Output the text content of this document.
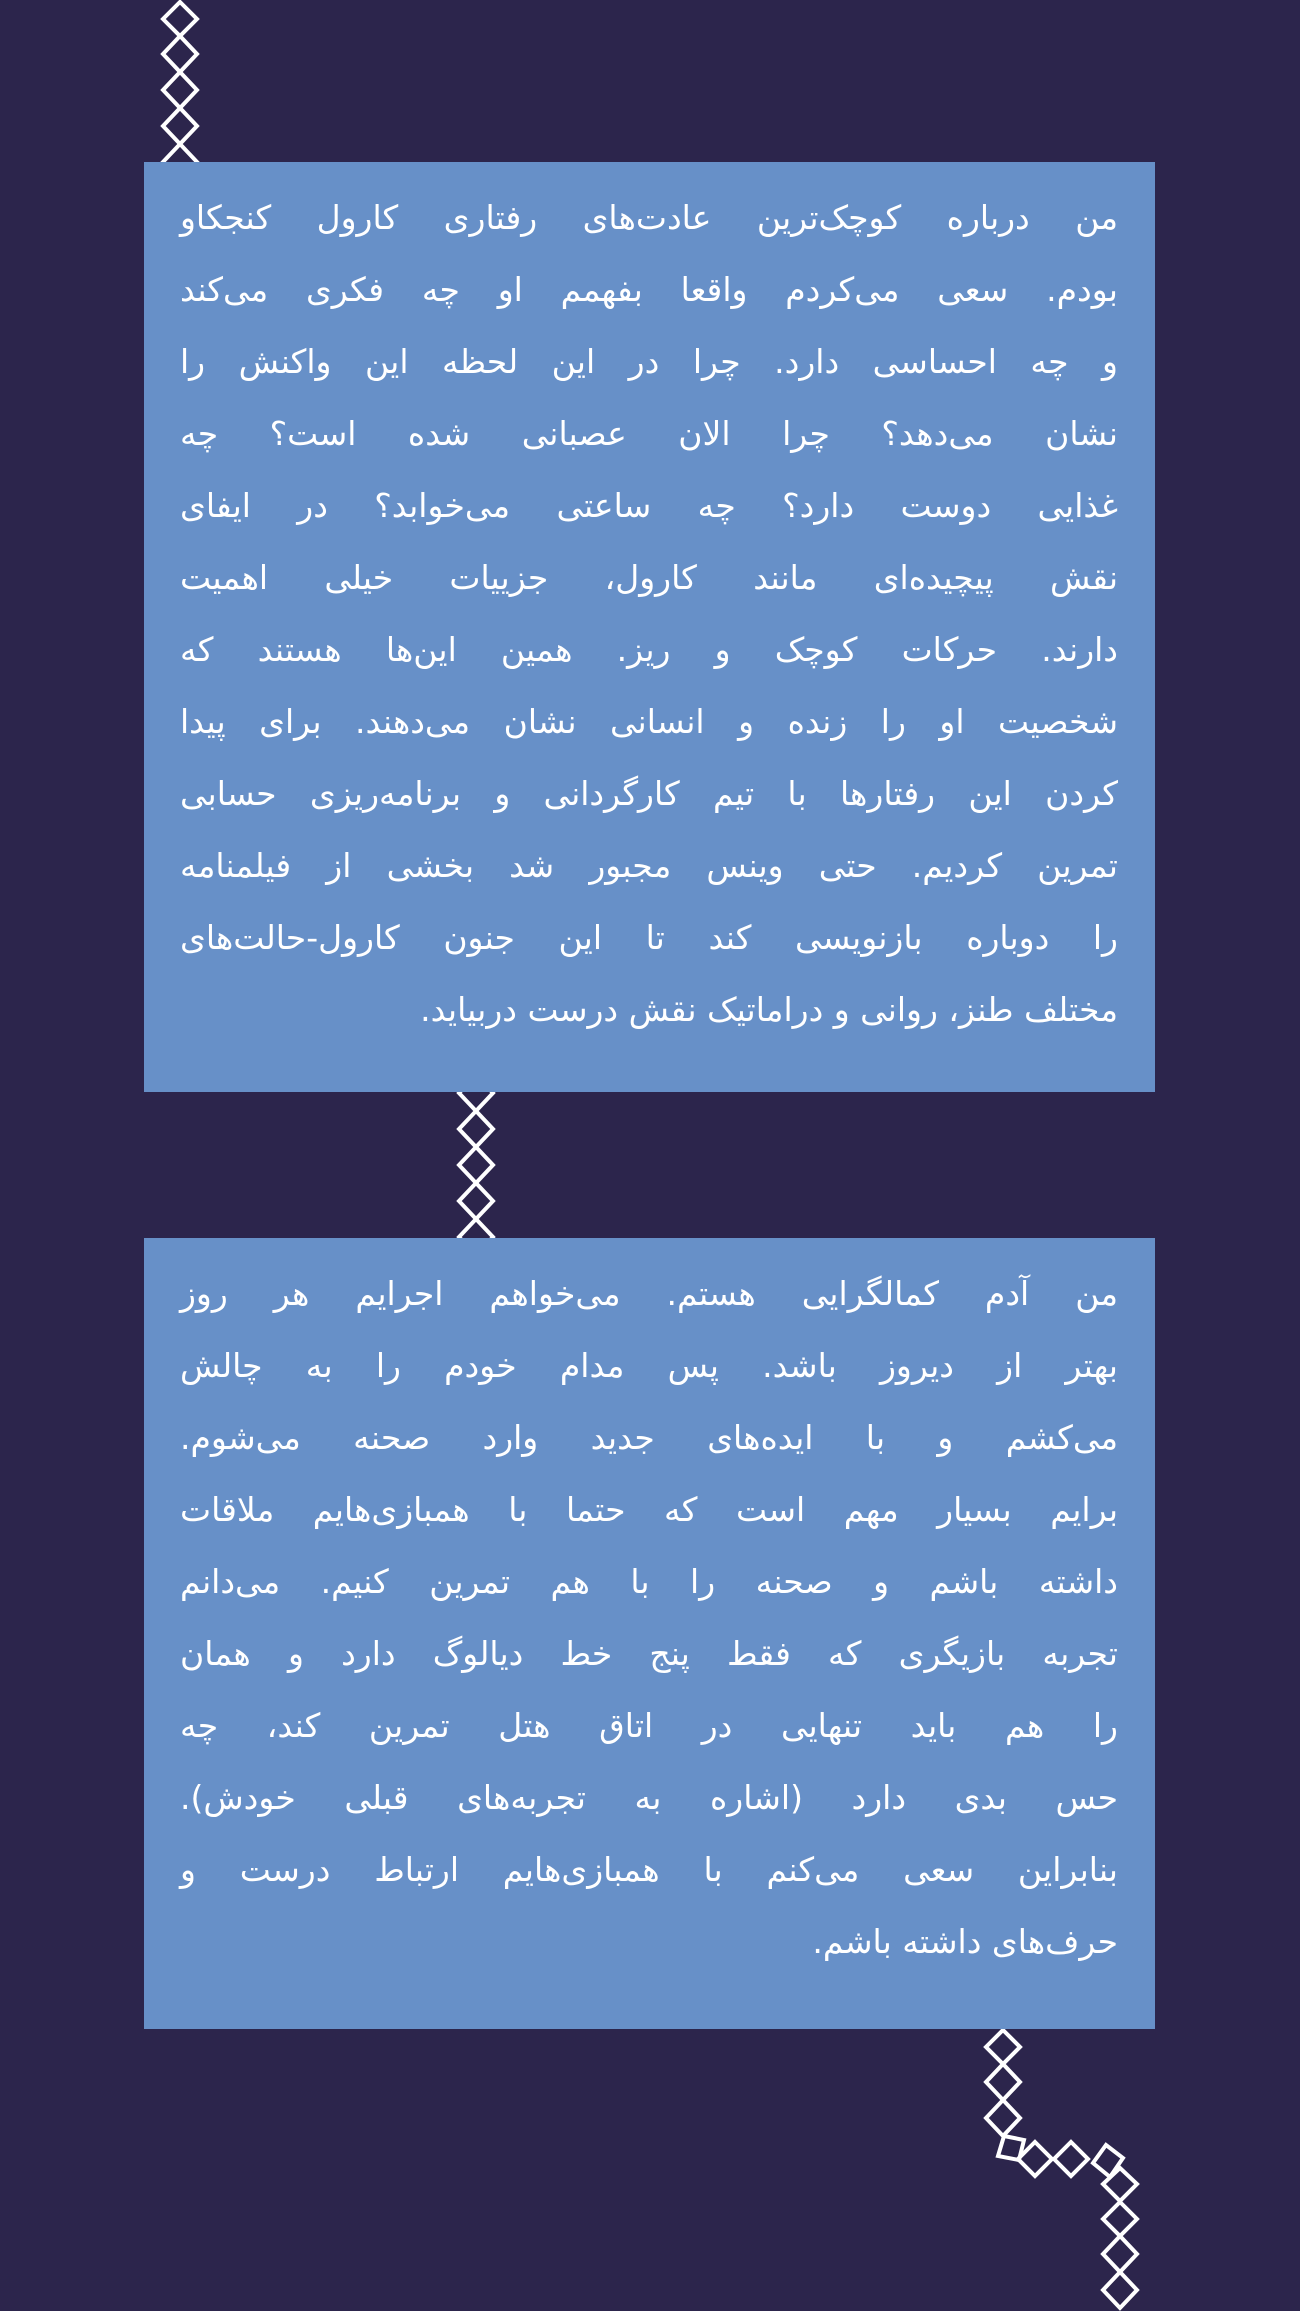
من درباره کوچک‌ترین عادت‌های رفتاری کارول کنجکاو
بودم. سعی می‌کردم واقعا بفهمم او چه فکری می‌کند
و چه احساسی دارد. چرا در این لحظه این واکنش را
نشان می‌دهد؟ چرا الان عصبانی شده است؟ چه
غذایی دوست دارد؟ چه ساعتی می‌خوابد؟ در ایفای
نقش پیچیده‌ای مانند کارول، جزییات خیلی اهمیت
دارند. حرکات کوچک و ریز. همین این‌ها هستند که
شخصیت او را زنده و انسانی نشان می‌دهند. برای پیدا
کردن این رفتارها با تیم کارگردانی و برنامه‌ریزی حسابی
تمرین کردیم. حتی وینس مجبور شد بخشی از فیلمنامه
را دوباره بازنویسی کند تا این جنون کارول-حالت‌های
مختلف طنز، روانی و دراماتیک نقش درست دربیاید.

من آدم کمالگرایی هستم. می‌خواهم اجرایم هر روز
بهتر از دیروز باشد. پس مدام خودم را به چالش
می‌کشم و با ایده‌های جدید وارد صحنه می‌شوم.
برایم بسیار مهم است که حتما با همبازی‌هایم ملاقات
داشته باشم و صحنه را با هم تمرین کنیم. می‌دانم
تجربه بازیگری که فقط پنج خط دیالوگ دارد و همان
را هم باید تنهایی در اتاق هتل تمرین کند، چه
حس بدی دارد (اشاره به تجربه‌های قبلی خودش).
بنابراین سعی می‌کنم با همبازی‌هایم ارتباط درست و
حرف‌های داشته باشم.
